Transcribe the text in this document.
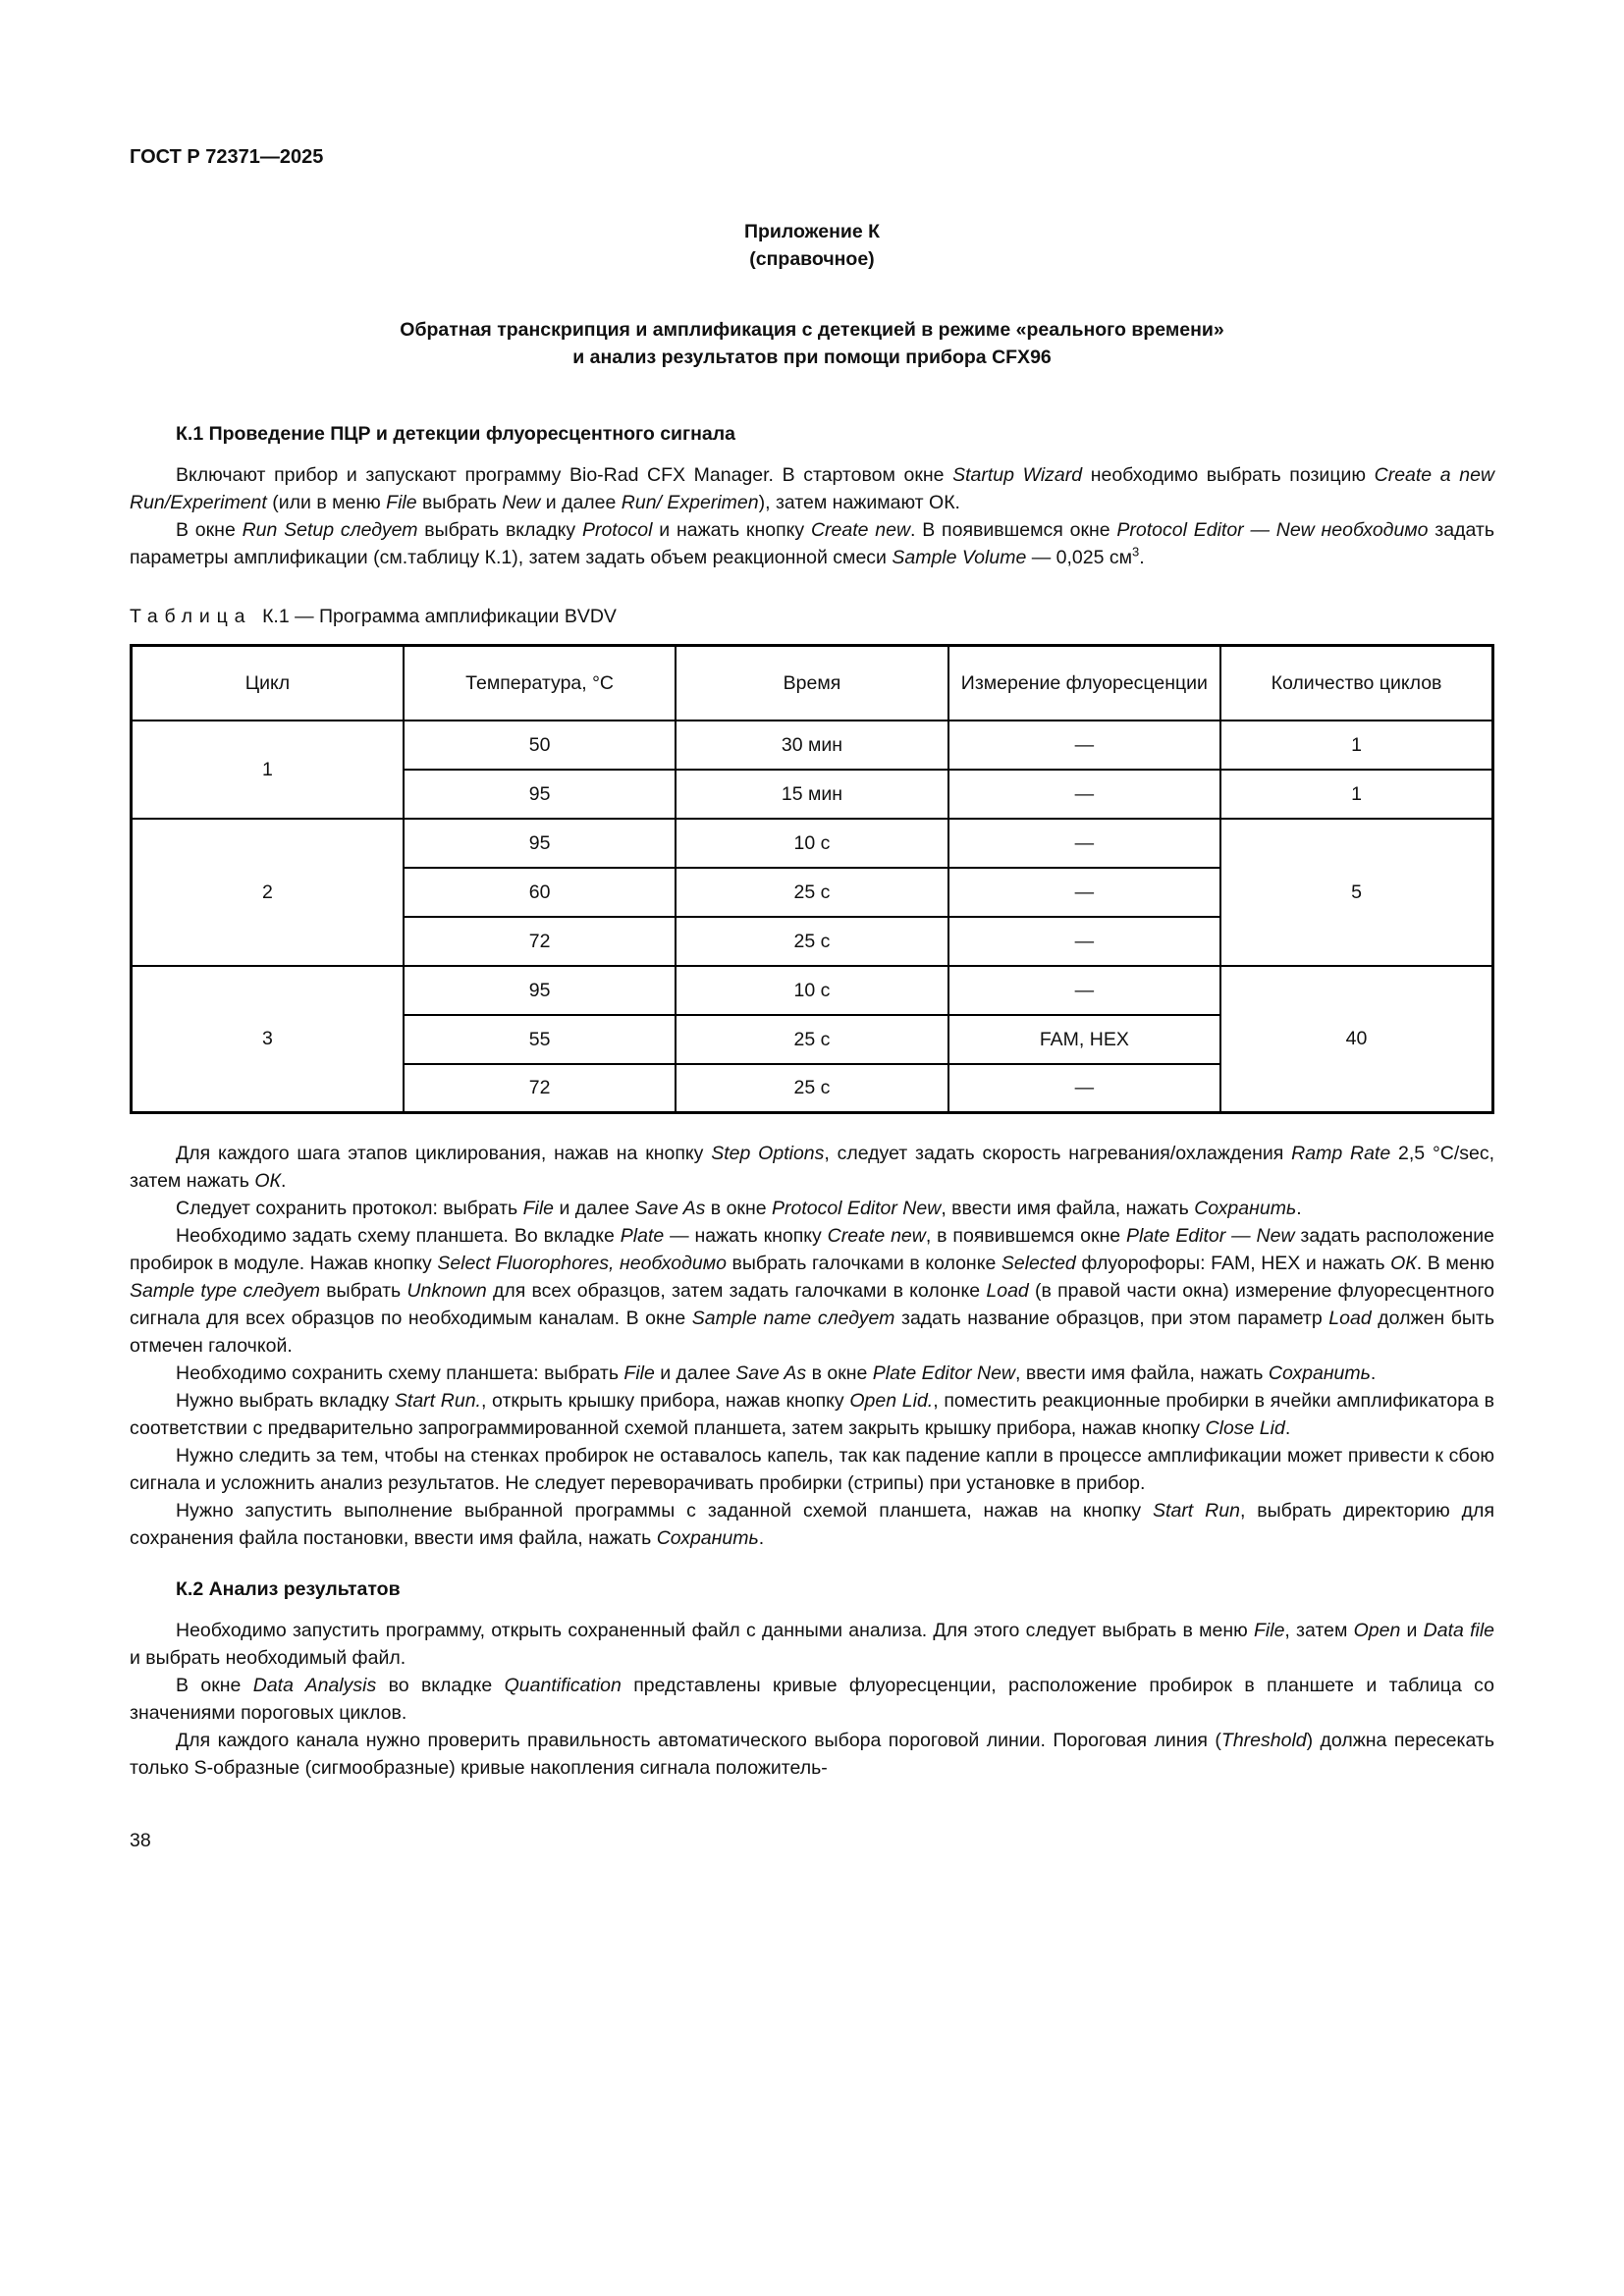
ГОСТ Р 72371—2025
Приложение К
(справочное)
Обратная транскрипция и амплификация с детекцией в режиме «реального времени»
и анализ результатов при помощи прибора CFX96
К.1 Проведение ПЦР и детекции флуоресцентного сигнала

Включают прибор и запускают программу Bio-Rad CFX Manager. В стартовом окне Startup Wizard необходимо выбрать позицию Create a new Run/Experiment (или в меню File выбрать New и далее Run/ Experimen), затем нажимают ОК.

В окне Run Setup следует выбрать вкладку Protocol и нажать кнопку Create new. В появившемся окне Protocol Editor — New необходимо задать параметры амплификации (см.таблицу К.1), затем задать объем реакционной смеси Sample Volume — 0,025 $см^3$.

Таблица К.1 — Программа амплификации BVDV
Цикл	Температура, °С	Время	Измерение флуоресценции	Количество циклов
1	50	30 мин	—	1
	95	15 мин	—	1
2	95	10 с	—	5
	60	25 с	—	
	72	25 с	—	
3	95	10 с	—	40
	55	25 с	FAM, HEX	
	72	25 с	—	

Для каждого шага этапов циклирования, нажав на кнопку Step Options, следует задать скорость нагревания/охлаждения Ramp Rate 2,5 °C/sec, затем нажать ОК.

Следует сохранить протокол: выбрать File и далее Save As в окне Protocol Editor New, ввести имя файла, нажать Сохранить.

Необходимо задать схему планшета. Во вкладке Plate — нажать кнопку Create new, в появившемся окне Plate Editor — New задать расположение пробирок в модуле. Нажав кнопку Select Fluorophores, необходимо выбрать галочками в колонке Selected флуорофоры: FAM, HEX и нажать ОК. В меню Sample type следует выбрать Unknown для всех образцов, затем задать галочками в колонке Load (в правой части окна) измерение флуоресцентного сигнала для всех образцов по необходимым каналам. В окне Sample name следует задать название образцов, при этом параметр Load должен быть отмечен галочкой.

Необходимо сохранить схему планшета: выбрать File и далее Save As в окне Plate Editor New, ввести имя файла, нажать Сохранить.

Нужно выбрать вкладку Start Run., открыть крышку прибора, нажав кнопку Open Lid., поместить реакционные пробирки в ячейки амплификатора в соответствии с предварительно запрограммированной схемой планшета, затем закрыть крышку прибора, нажав кнопку Close Lid.

Нужно следить за тем, чтобы на стенках пробирок не оставалось капель, так как падение капли в процессе амплификации может привести к сбою сигнала и усложнить анализ результатов. Не следует переворачивать пробирки (стрипы) при установке в прибор.

Нужно запустить выполнение выбранной программы с заданной схемой планшета, нажав на кнопку Start Run, выбрать директорию для сохранения файла постановки, ввести имя файла, нажать Сохранить.

К.2 Анализ результатов

Необходимо запустить программу, открыть сохраненный файл с данными анализа. Для этого следует выбрать в меню File, затем Open и Data file и выбрать необходимый файл.

В окне Data Analysis во вкладке Quantification представлены кривые флуоресценции, расположение пробирок в планшете и таблица со значениями пороговых циклов.

Для каждого канала нужно проверить правильность автоматического выбора пороговой линии. Пороговая линия (Threshold) должна пересекать только S-образные (сигмообразные) кривые накопления сигнала положитель-

38
